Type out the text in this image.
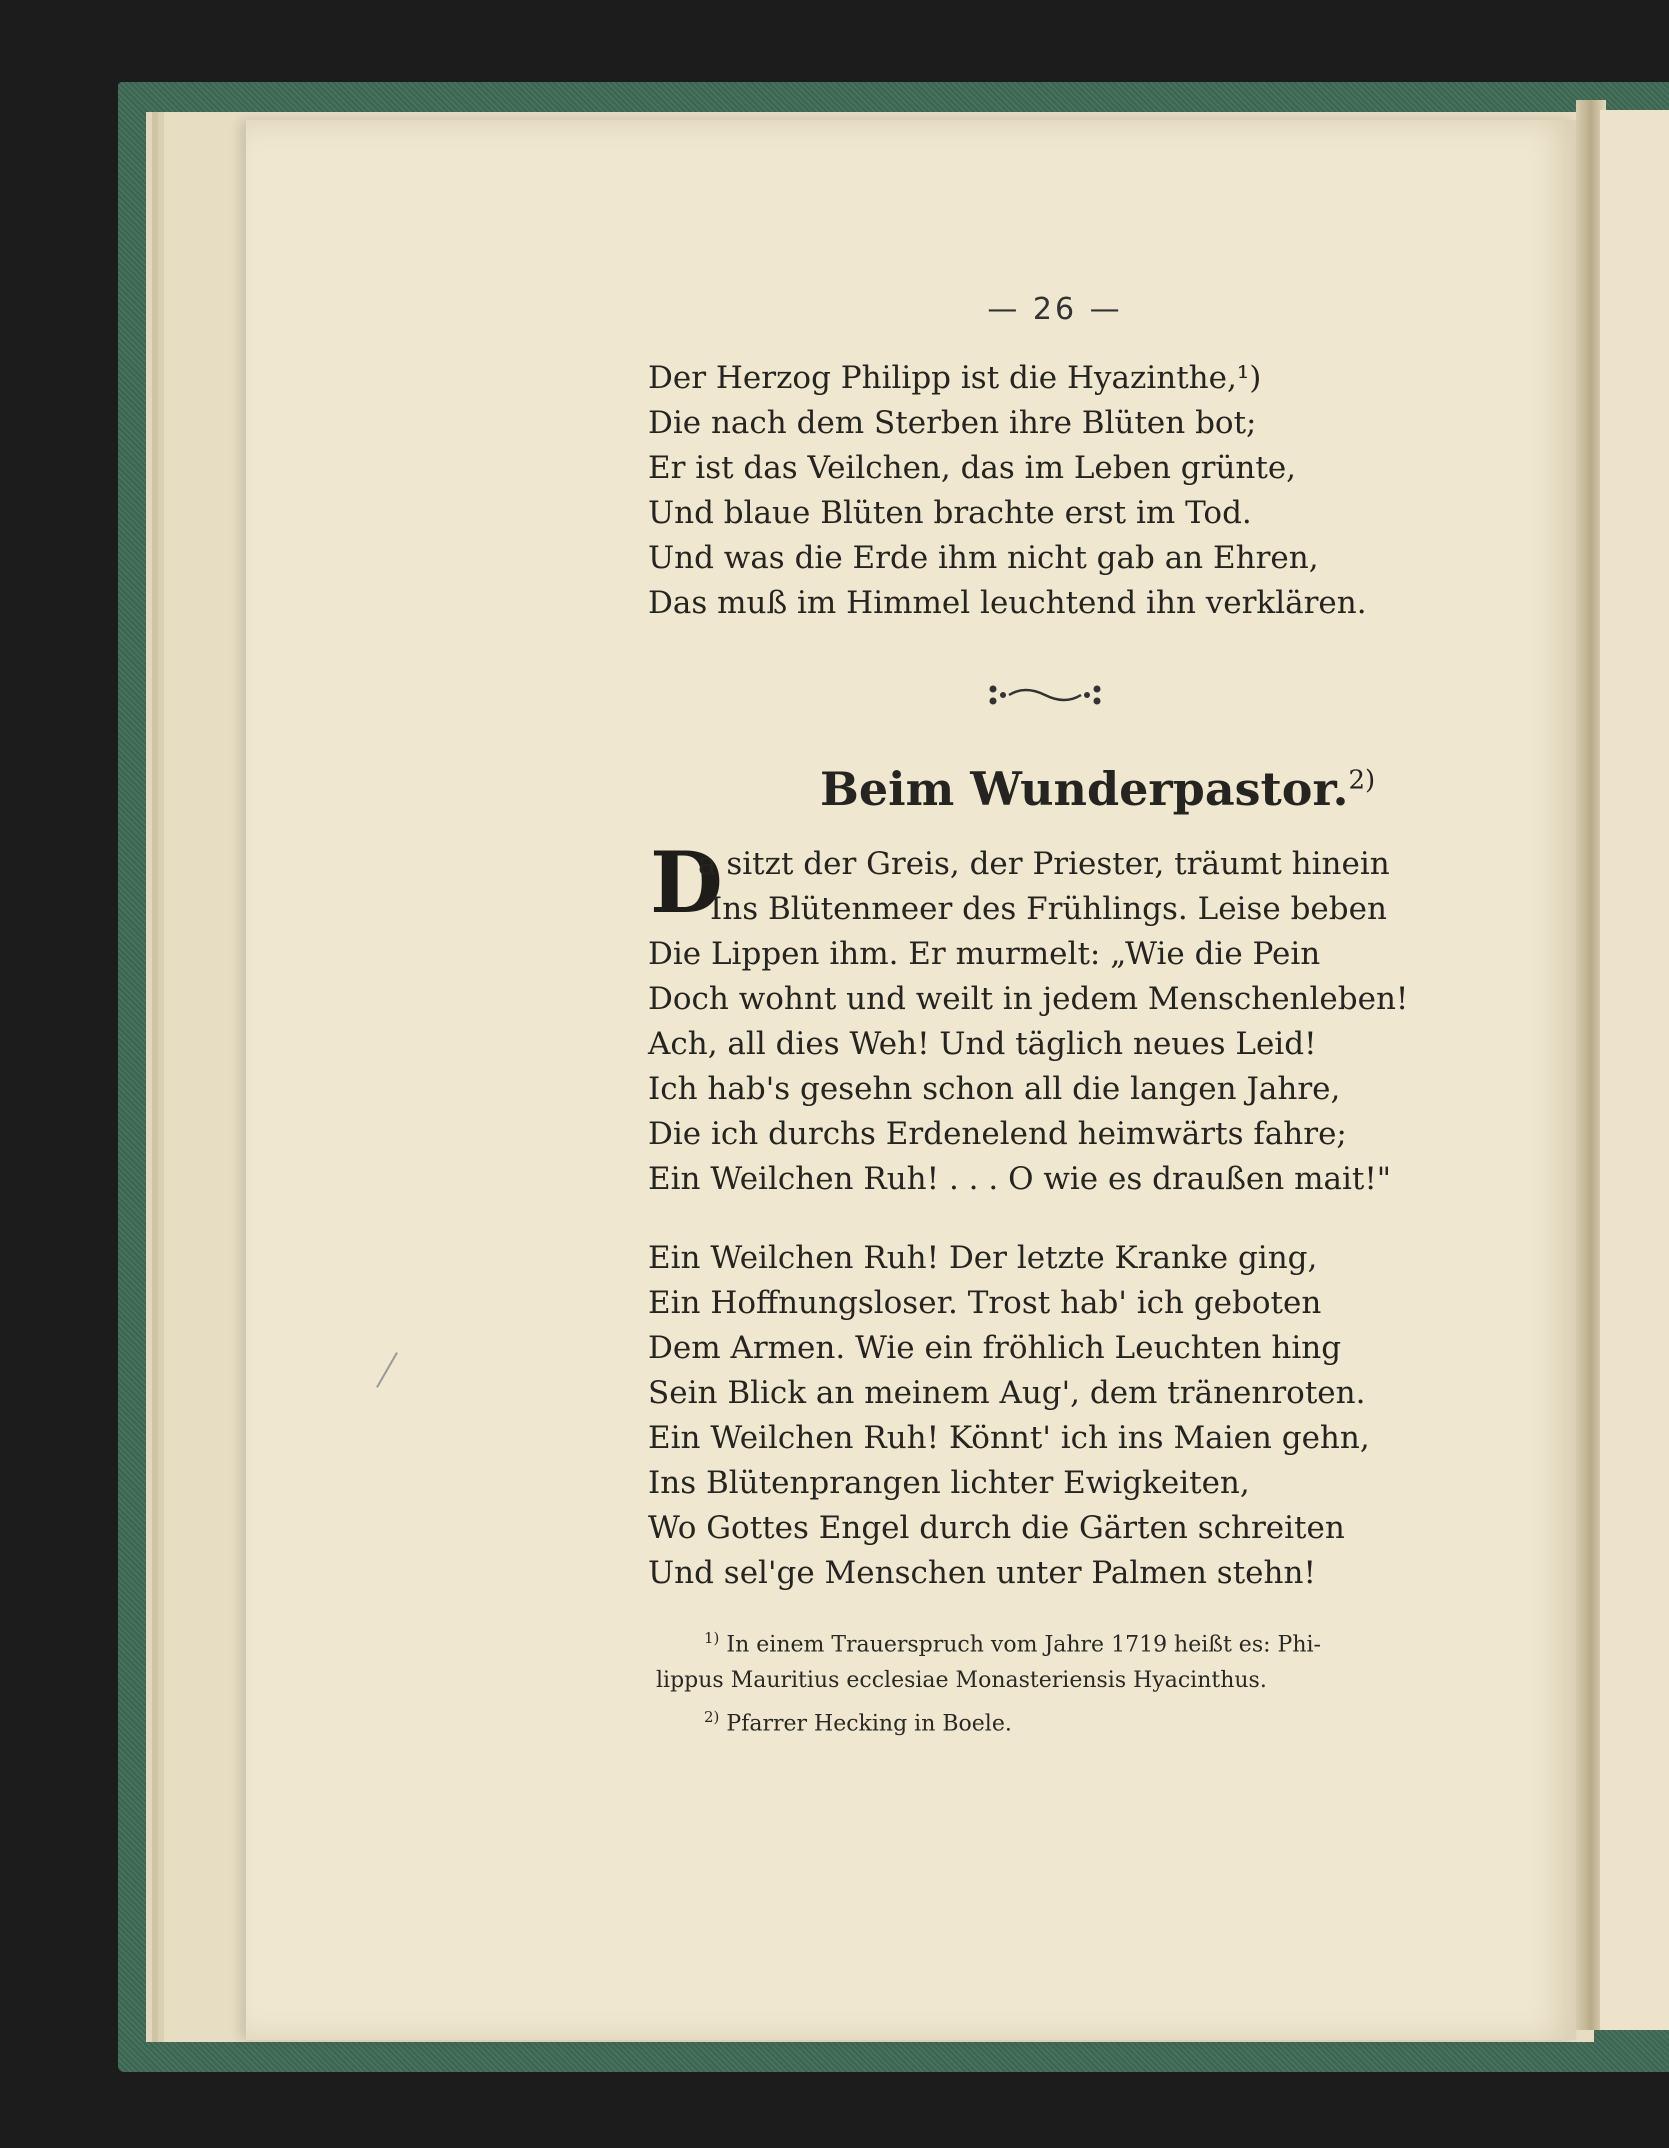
— 26 —
Der Herzog Philipp ist die Hyazinthe,¹)
Die nach dem Sterben ihre Blüten bot;
Er ist das Veilchen, das im Leben grünte,
Und blaue Blüten brachte erst im Tod.
Und was die Erde ihm nicht gab an Ehren,
Das muß im Himmel leuchtend ihn verklären.
Beim Wunderpastor.$^{2)}$
D
a sitzt der Greis, der Priester, träumt hinein
Ins Blütenmeer des Frühlings. Leise beben
Die Lippen ihm. Er murmelt: „Wie die Pein
Doch wohnt und weilt in jedem Menschenleben!
Ach, all dies Weh! Und täglich neues Leid!
Ich hab's gesehn schon all die langen Jahre,
Die ich durchs Erdenelend heimwärts fahre;
Ein Weilchen Ruh! . . . O wie es draußen mait!"
Ein Weilchen Ruh! Der letzte Kranke ging,
Ein Hoffnungsloser. Trost hab' ich geboten
Dem Armen. Wie ein fröhlich Leuchten hing
Sein Blick an meinem Aug', dem tränenroten.
Ein Weilchen Ruh! Könnt' ich ins Maien gehn,
Ins Blütenprangen lichter Ewigkeiten,
Wo Gottes Engel durch die Gärten schreiten
Und sel'ge Menschen unter Palmen stehn!
$^{1)}$ In einem Trauerspruch vom Jahre 1719 heißt es: Phi-
lippus Mauritius ecclesiae Monasteriensis Hyacinthus.
$^{2)}$ Pfarrer Hecking in Boele.
